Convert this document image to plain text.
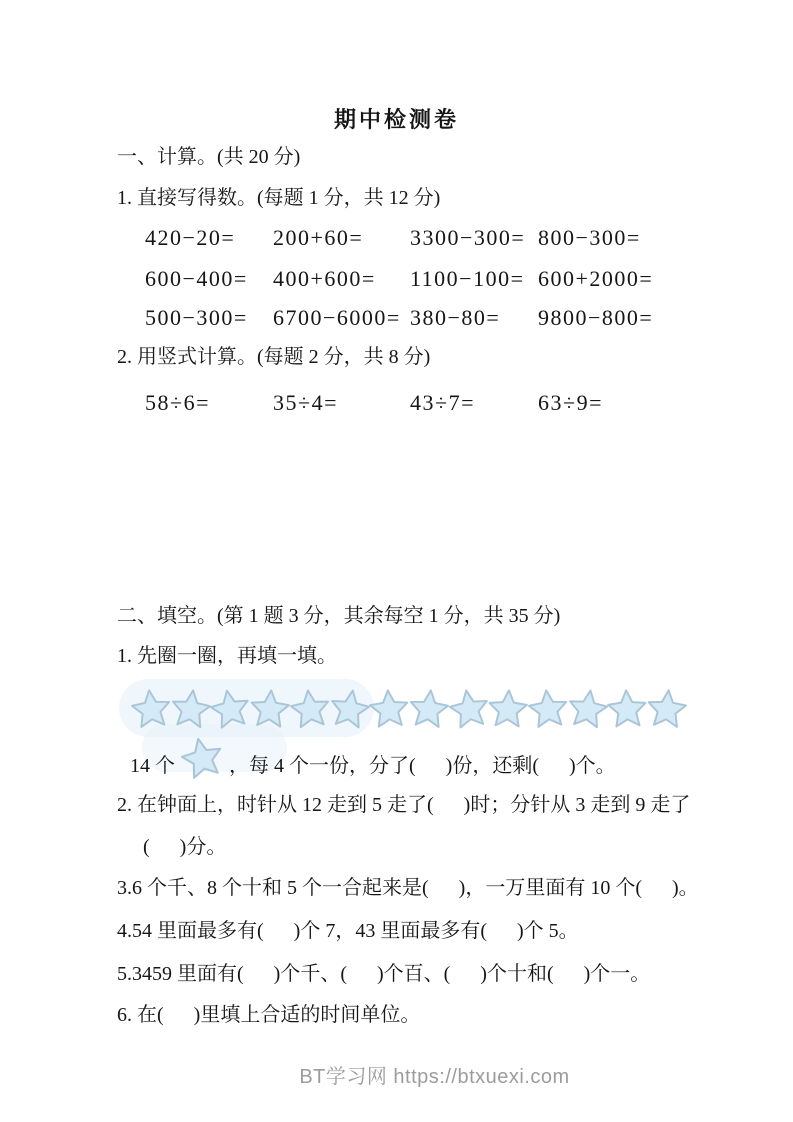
期中检测卷
一、计算。(共 20 分)
1. 直接写得数。(每题 1 分，共 12 分)
420−20=	200+60=	3300−300= 800−300=
600−400=	400+600=	1100−100= 600+2000=
500−300=	6700−6000= 380−80=	9800−800=
2. 用竖式计算。(每题 2 分，共 8 分)
58÷6=	35÷4=	43÷7=	63÷9=
二、填空。(第 1 题 3 分，其余每空 1 分，共 35 分)
1. 先圈一圈，再填一填。
14 个	，每 4 个一份，分了(      )份，还剩(      )个。
2. 在钟面上，时针从 12 走到 5 走了(      )时；分针从 3 走到 9 走了
(      )分。
3.6 个千、8 个十和 5 个一合起来是(      )，一万里面有 10 个(      )。
4.54 里面最多有(      )个 7，43 里面最多有(      )个 5。
5.3459 里面有(      )个千、(      )个百、(      )个十和(      )个一。
6. 在(      )里填上合适的时间单位。
BT学习网 https://btxuexi.com
